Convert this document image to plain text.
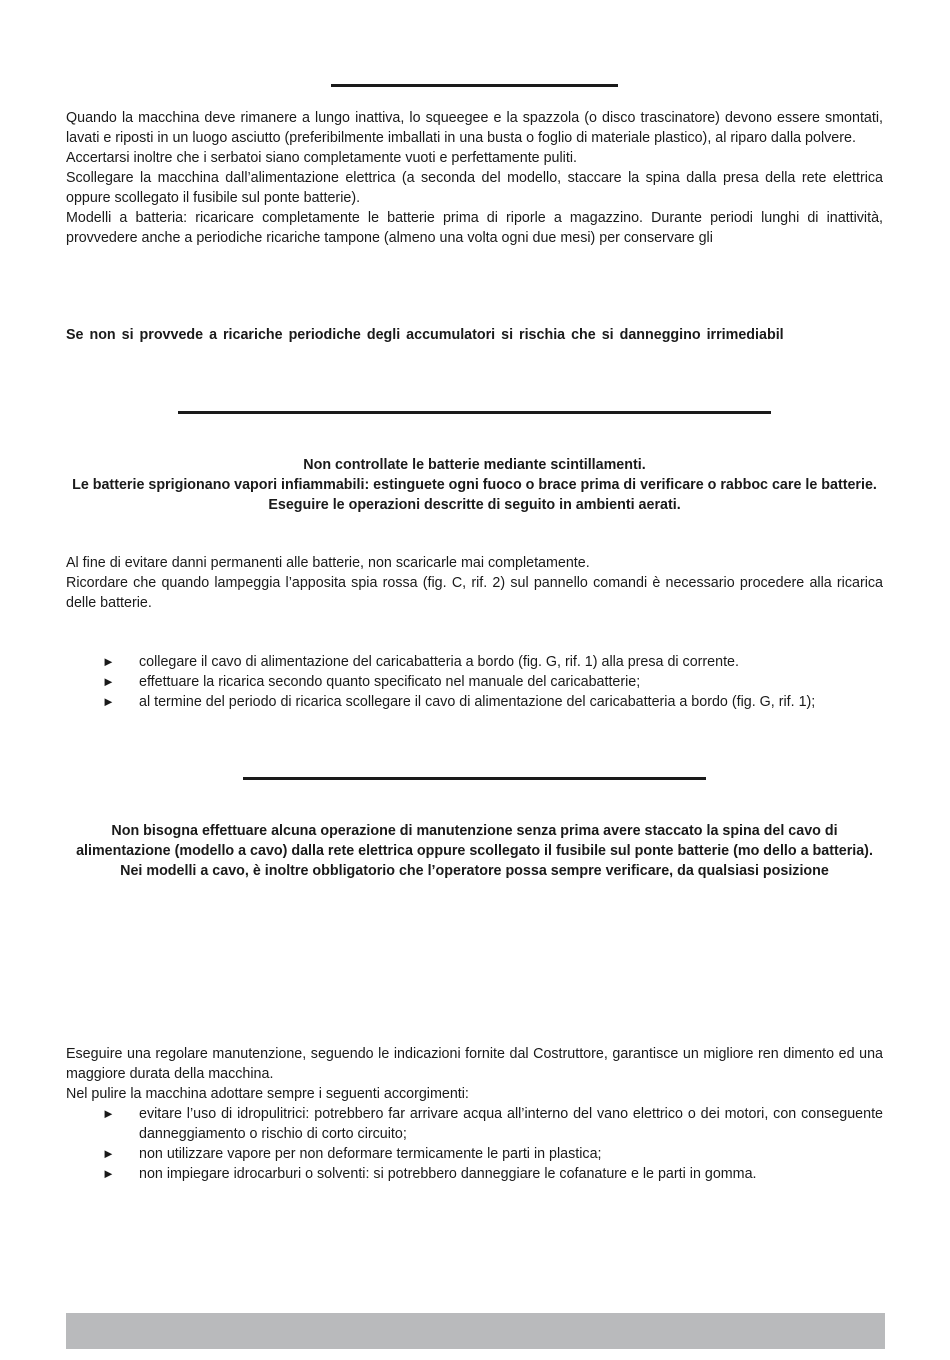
Quando la macchina deve rimanere a lungo inattiva, lo squeegee e la spazzola (o disco trascinatore) devono essere smontati, lavati e riposti in un luogo asciutto (preferibilmente imballati in una busta o foglio di materiale plastico), al riparo dalla polvere.
Accertarsi inoltre che i serbatoi siano completamente vuoti e perfettamente puliti.
Scollegare la macchina dall’alimentazione elettrica (a seconda del modello, staccare la spina dalla presa della rete elettrica oppure scollegato il fusibile sul ponte batterie).
Modelli a batteria: ricaricare completamente le batterie prima di riporle a magazzino. Durante periodi lunghi di inattività, provvedere anche a periodiche ricariche tampone (almeno una volta ogni due mesi) per conservare gli
Se non si provvede a ricariche periodiche degli accumulatori si rischia che si danneggino irrimediabil
Non controllate le batterie mediante scintillamenti.
Le batterie sprigionano vapori infiammabili: estinguete ogni fuoco o brace prima di verificare o rabboc care le batterie.
Eseguire le operazioni descritte di seguito in ambienti aerati.
Al fine di evitare danni permanenti alle batterie, non scaricarle mai completamente.
Ricordare che quando lampeggia l’apposita spia rossa (fig. C, rif. 2) sul pannello comandi è necessario procedere alla ricarica delle batterie.
► collegare il cavo di alimentazione del caricabatteria a bordo (fig. G, rif. 1) alla presa di corrente.
► effettuare la ricarica secondo quanto specificato nel manuale del caricabatterie;
► al termine del periodo di ricarica scollegare il cavo di alimentazione del caricabatteria a bordo (fig. G, rif. 1);
Non bisogna effettuare alcuna operazione di manutenzione senza prima avere staccato la spina del cavo di alimentazione (modello a cavo) dalla rete elettrica oppure scollegato il fusibile sul ponte batterie (mo dello a batteria).
Nei modelli a cavo, è inoltre obbligatorio che l’operatore possa sempre verificare, da qualsiasi posizione
Eseguire una regolare manutenzione, seguendo le indicazioni fornite dal Costruttore, garantisce un migliore ren dimento ed una maggiore durata della macchina.
Nel pulire la macchina adottare sempre i seguenti accorgimenti:
► evitare l’uso di idropulitrici: potrebbero far arrivare acqua all’interno del vano elettrico o dei motori, con conseguente danneggiamento o rischio di corto circuito;
► non utilizzare vapore per non deformare termicamente le parti in plastica;
► non impiegare idrocarburi o solventi: si potrebbero danneggiare le cofanature e le parti in gomma.
